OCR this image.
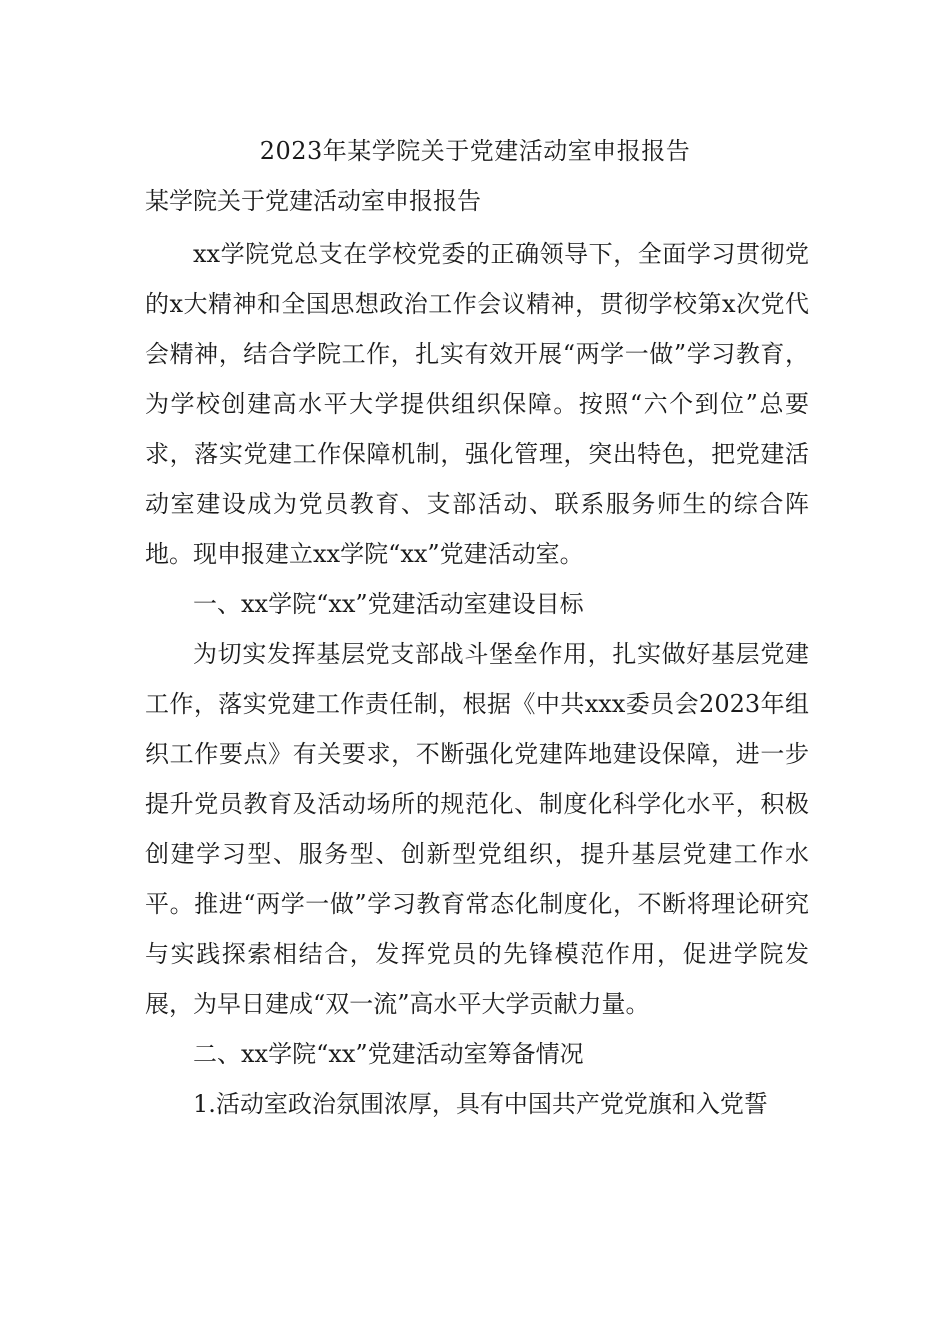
2023年某学院关于党建活动室申报报告
某学院关于党建活动室申报报告

xx学院党总支在学校党委的正确领导下，全面学习贯彻党的x大精神和全国思想政治工作会议精神，贯彻学校第x次党代会精神，结合学院工作，扎实有效开展“两学一做”学习教育，为学校创建高水平大学提供组织保障。按照“六个到位”总要求，落实党建工作保障机制，强化管理，突出特色，把党建活动室建设成为党员教育、支部活动、联系服务师生的综合阵地。现申报建立xx学院“xx”党建活动室。

一、xx学院“xx”党建活动室建设目标

为切实发挥基层党支部战斗堡垒作用，扎实做好基层党建工作，落实党建工作责任制，根据《中共xxx委员会2023年组织工作要点》有关要求，不断强化党建阵地建设保障，进一步提升党员教育及活动场所的规范化、制度化科学化水平，积极创建学习型、服务型、创新型党组织，提升基层党建工作水平。推进“两学一做”学习教育常态化制度化，不断将理论研究与实践探索相结合，发挥党员的先锋模范作用，促进学院发展，为早日建成“双一流”高水平大学贡献力量。

二、xx学院“xx”党建活动室筹备情况

1.活动室政治氛围浓厚，具有中国共产党党旗和入党誓
